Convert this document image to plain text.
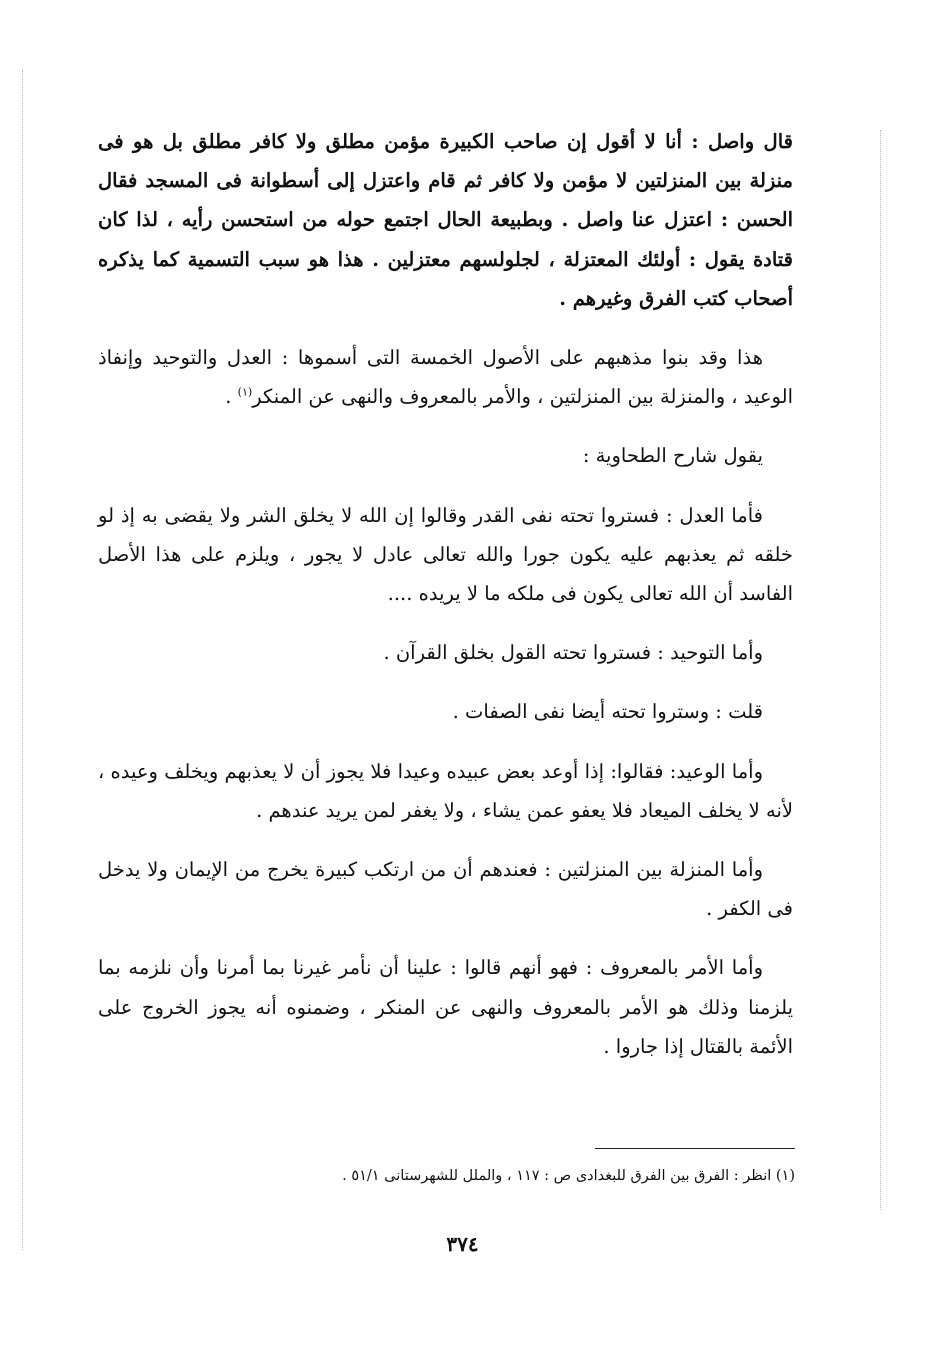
قال واصل : أنا لا أقول إن صاحب الكبيرة مؤمن مطلق ولا كافر مطلق بل هو فى منزلة بين المنزلتين لا مؤمن ولا كافر ثم قام واعتزل إلى أسطوانة فى المسجد فقال الحسن : اعتزل عنا واصل . وبطبيعة الحال اجتمع حوله من استحسن رأيه ، لذا كان قتادة يقول : أولئك المعتزلة ، لجلولسهم معتزلين . هذا هو سبب التسمية كما يذكره أصحاب كتب الفرق وغيرهم .

هذا وقد بنوا مذهبهم على الأصول الخمسة التى أسموها : العدل والتوحيد وإنفاذ الوعيد ، والمنزلة بين المنزلتين ، والأمر بالمعروف والنهى عن المنكر$^{(١)}$ .

يقول شارح الطحاوية :

فأما العدل : فستروا تحته نفى القدر وقالوا إن الله لا يخلق الشر ولا يقضى به إذ لو خلقه ثم يعذبهم عليه يكون جورا والله تعالى عادل لا يجور ، ويلزم على هذا الأصل الفاسد أن الله تعالى يكون فى ملكه ما لا يريده ....

وأما التوحيد : فستروا تحته القول بخلق القرآن .

قلت : وستروا تحته أيضا نفى الصفات .

وأما الوعيد: فقالوا: إذا أوعد بعض عبيده وعيدا فلا يجوز أن لا يعذبهم ويخلف وعيده ، لأنه لا يخلف الميعاد فلا يعفو عمن يشاء ، ولا يغفر لمن يريد عندهم .

وأما المنزلة بين المنزلتين : فعندهم أن من ارتكب كبيرة يخرج من الإيمان ولا يدخل فى الكفر .

وأما الأمر بالمعروف : فهو أنهم قالوا : علينا أن نأمر غيرنا بما أمرنا وأن نلزمه بما يلزمنا وذلك هو الأمر بالمعروف والنهى عن المنكر ، وضمنوه أنه يجوز الخروج على الأئمة بالقتال إذا جاروا .

(١) انظر : الفرق بين الفرق للبغدادى ص : ١١٧ ، والملل للشهرستانى ٥١/١ .
٣٧٤
